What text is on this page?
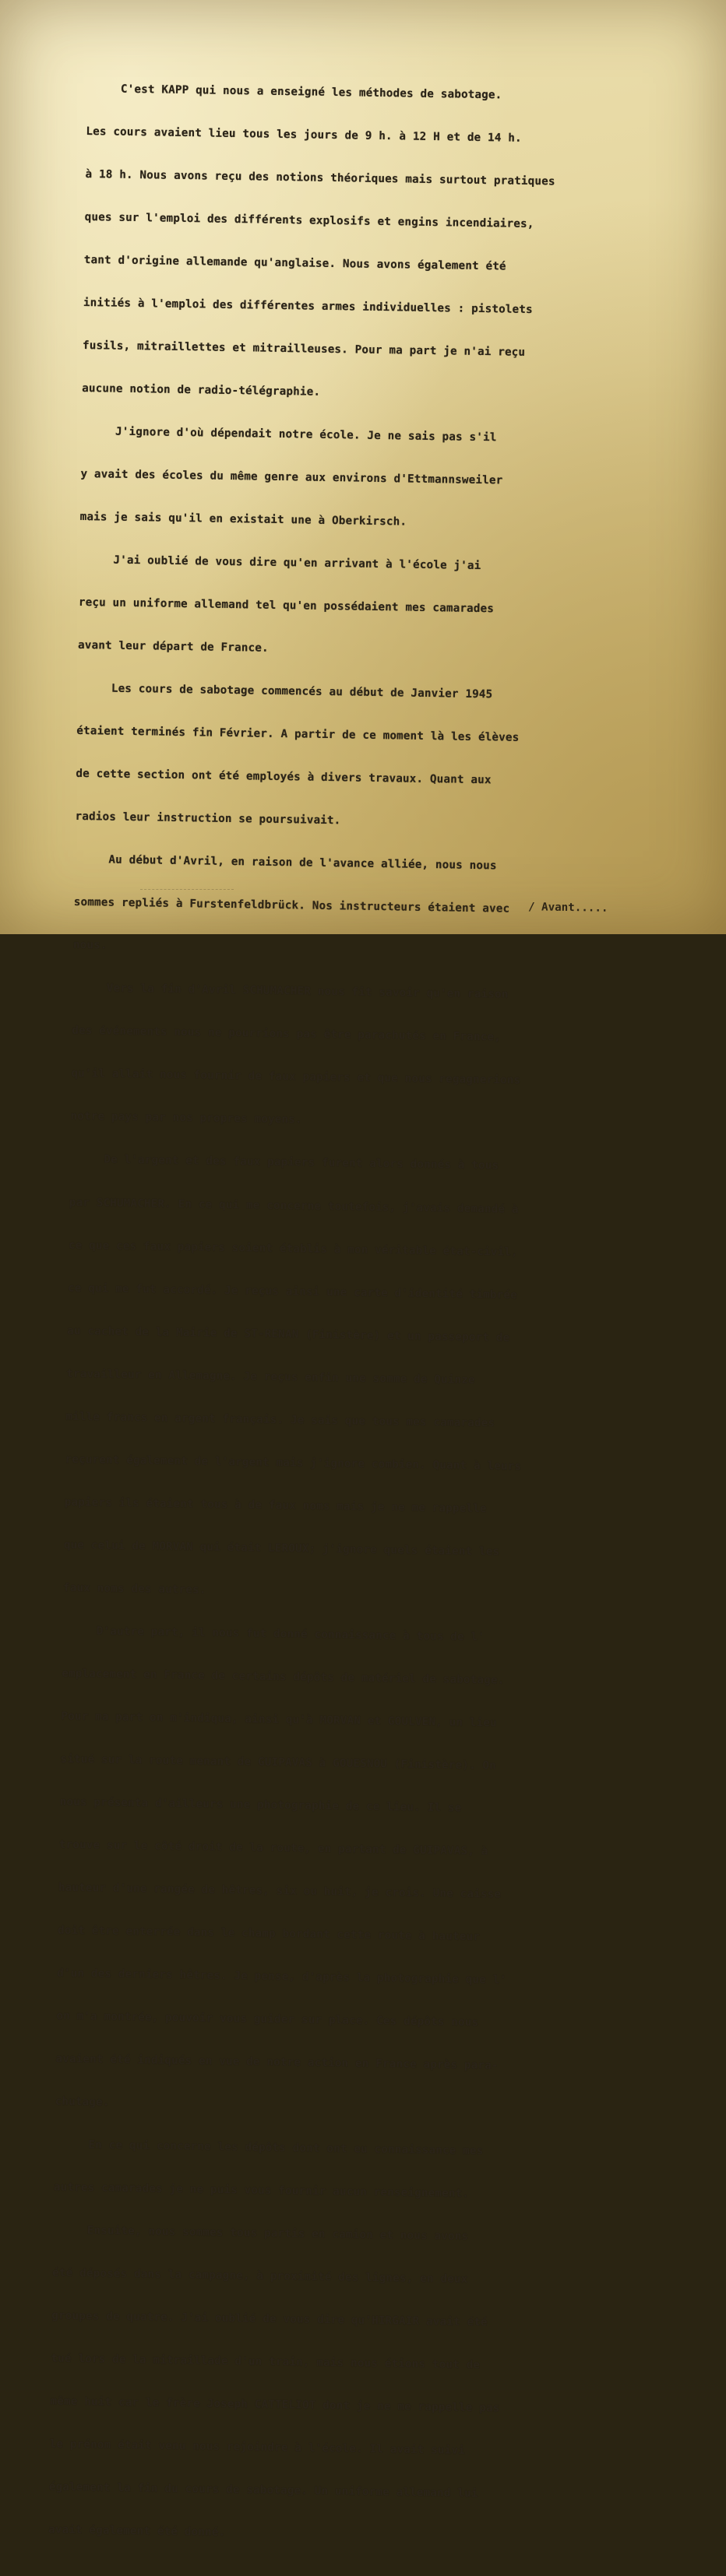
C'est KAPP qui nous a enseigné les méthodes de sabotage.

Les cours avaient lieu tous les jours de 9 h. à 12 H et de 14 h.

à 18 h. Nous avons reçu des notions théoriques mais surtout pratiques

ques sur l'emploi des différents explosifs et engins incendiaires,

tant d'origine allemande qu'anglaise. Nous avons également été

initiés à l'emploi des différentes armes individuelles : pistolets

fusils, mitraillettes et mitrailleuses. Pour ma part je n'ai reçu

aucune notion de radio-télégraphie.

J'ignore d'où dépendait notre école. Je ne sais pas s'il

y avait des écoles du même genre aux environs d'Ettmannsweiler

mais je sais qu'il en existait une à Oberkirsch.

J'ai oublié de vous dire qu'en arrivant à l'école j'ai

reçu un uniforme allemand tel qu'en possédaient mes camarades

avant leur départ de France.

Les cours de sabotage commencés au début de Janvier 1945

étaient terminés fin Février. A partir de ce moment là les élèves

de cette section ont été employés à divers travaux. Quant aux

radios leur instruction se poursuivait.

Au début d'Avril, en raison de l'avance alliée, nous nous

sommes repliés à Furstenfeldbrück. Nos instructeurs étaient avec

nous.

Vers la fin d'Avril SCHUMACHER nous fit savoir qu'en raison

des événements nous ne pourrions pas être parachutés en France,

qu'il allait nous fournir de faux papiers et que nous regagnerions

notre pays par nos propres moyens.

De l'argent et des faux papiers furent alors donnés à tous

par SCHUMACHER. En ce qui me concerne toutefois, j'avais demandé à

ce que ces faux papiers soient établis à mon véritable état-civil,

ce qui me fut accordé. Je reçus ainsi une carte d'identité timbrée

au cachet de la Mairie de ST-RENAN (Finistère) et un passeport de

travailleur en Allemagne. Je reçus enfin une somme de Quinze

mille francs en argent français. Je sais que tous mes camarades

reçurent également de l'argent mais j'ignore combien. Quant à leurs

papiers ils étaient tous à de faux noms mais je ne me rappelle

que celui de MORVAN qui était LEROUX; j'ignore quels étaient les

faux noms des autres.

D'autre part, il nous fut donné connaissance à tous de l'

emplacement en France de certains dépôts de matériel de sabotage.

Pour ma part on m'indiqua, ainsi qu'à MORVAN et GOULVEN, un lieu

situé sur la route menant de GUIPAVAS à GOUESNOU (Finistère). On

nous présenta d'ailleurs une photographie de ce lieu. Il se

trouve sur le côté droit de la route, en partant de GUIPAVAS, à

hauteur d'une rangée de hêtres, six ou huit, je crois. Une caisse

doit être enterrée dans le champ bordant cette route à hauteur

d'un des derniers hêtres. Je pense, d'après la photographie que l'

on m'a montrée, pouvoir vous guider sur place. Ces dépôts nous

avaient été indiqués en vue de notre action en France après para-

chutage.

En ce qui concerne les dépôts dont ont eu connaissance mes

autres camarades je ne puis vous fournir aucun renseignement.

Ensuite, nous sommes tous partis en camion et nous avons

été déposés dans la campagne, à proximité des lignes, en deux

groupes de quatre. J'ai oublié de vous dire qu'HIRGAIR avait été

tué lors de la mitraillade d'un train, mais nous étions tout de

même huit car le frère Joseph CATTELIOT dont je ne me rappelle pas

le prénom était venu nous rejoindre à l'école. Il avait suivi

également la fin du cours de sabotage. Un uniforme allemand lui

avait également été donné.

/ Avant.....
